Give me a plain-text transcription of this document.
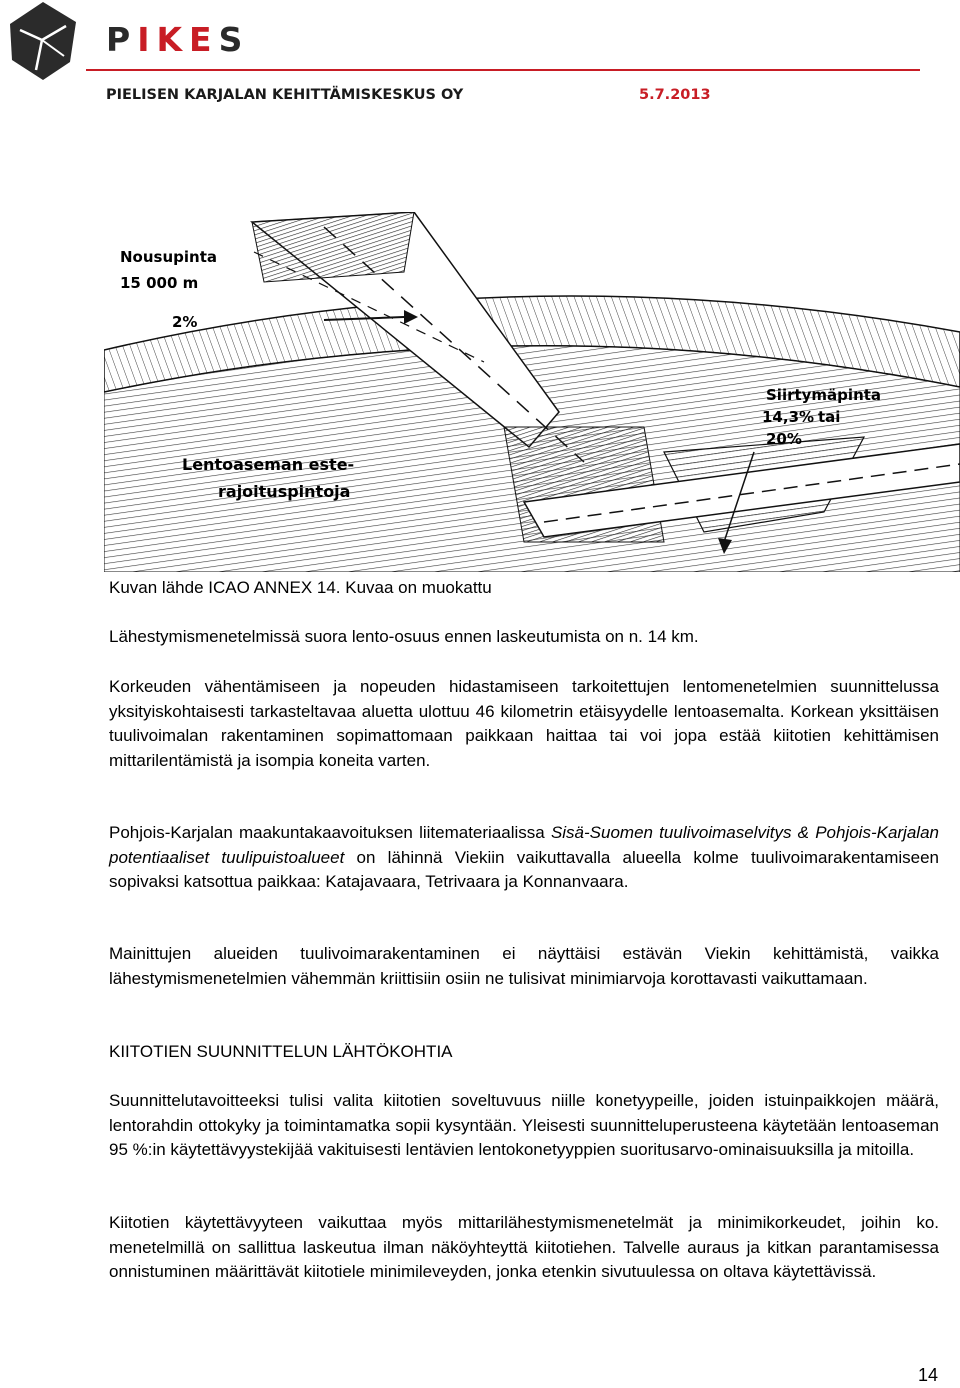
PIKES
PIELISEN KARJALAN KEHITTÄMISKESKUS OY	5.7.2013
Nousupinta
15 000 m
2%
Siirtymäpinta
14,3% tai
20%
Lentoaseman este-
rajoituspintoja
Kuvan lähde ICAO ANNEX 14. Kuvaa on muokattu
Lähestymismenetelmissä suora lento-osuus ennen laskeutumista on n. 14 km.
Korkeuden vähentämiseen ja nopeuden hidastamiseen tarkoitettujen lentomenetelmien suunnittelussa yksityiskohtaisesti tarkasteltavaa aluetta ulottuu 46 kilometrin etäisyydelle lentoasemalta. Korkean yksittäisen tuulivoimalan rakentaminen sopimattomaan paikkaan haittaa tai voi jopa estää kiitotien kehittämisen mittarilentämistä ja isompia koneita varten.
Pohjois-Karjalan maakuntakaavoituksen liitemateriaalissa Sisä-Suomen tuulivoimaselvitys & Pohjois-Karjalan potentiaaliset tuulipuistoalueet on lähinnä Viekiin vaikuttavalla alueella kolme tuulivoimarakentamiseen sopivaksi katsottua paikkaa: Katajavaara, Tetrivaara ja Konnanvaara.
Mainittujen alueiden tuulivoimarakentaminen ei näyttäisi estävän Viekin kehittämistä, vaikka lähestymismenetelmien vähemmän kriittisiin osiin ne tulisivat minimiarvoja korottavasti vaikuttamaan.
KIITOTIEN SUUNNITTELUN LÄHTÖKOHTIA
Suunnittelutavoitteeksi tulisi valita kiitotien soveltuvuus niille konetyypeille, joiden istuinpaikkojen määrä, lentorahdin ottokyky ja toimintamatka sopii kysyntään. Yleisesti suunnitteluperusteena käytetään lentoaseman 95 %:in käytettävyystekijää vakituisesti lentävien lentokonetyyppien suoritusarvo-ominaisuuksilla ja mitoilla.
Kiitotien käytettävyyteen vaikuttaa myös mittarilähestymismenetelmät ja minimikorkeudet, joihin ko. menetelmillä on sallittua laskeutua ilman näköyhteyttä kiitotiehen. Talvelle auraus ja kitkan parantamisessa onnistuminen määrittävät kiitotiele minimileveyden, jonka etenkin sivutuulessa on oltava käytettävissä.
14
